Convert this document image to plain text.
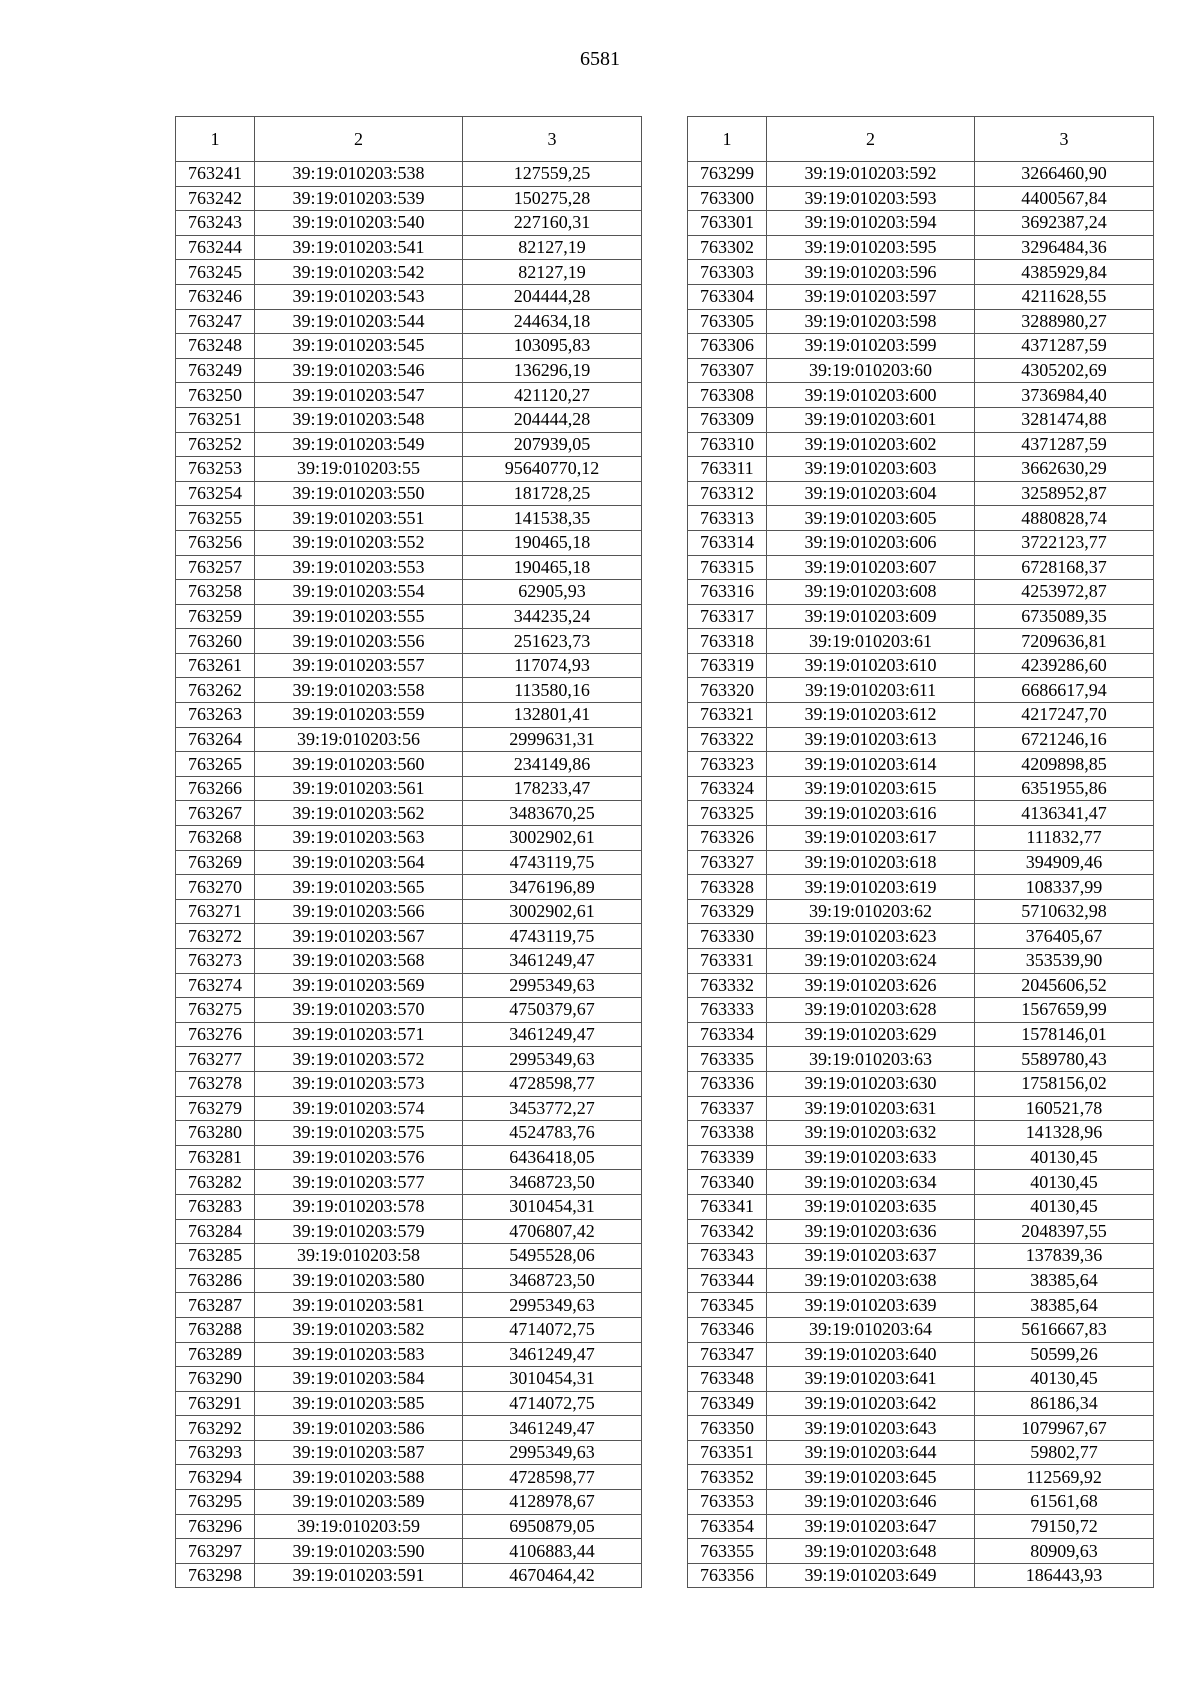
6581
1	2	3
763241	39:19:010203:538	127559,25
763242	39:19:010203:539	150275,28
763243	39:19:010203:540	227160,31
763244	39:19:010203:541	82127,19
763245	39:19:010203:542	82127,19
763246	39:19:010203:543	204444,28
763247	39:19:010203:544	244634,18
763248	39:19:010203:545	103095,83
763249	39:19:010203:546	136296,19
763250	39:19:010203:547	421120,27
763251	39:19:010203:548	204444,28
763252	39:19:010203:549	207939,05
763253	39:19:010203:55	95640770,12
763254	39:19:010203:550	181728,25
763255	39:19:010203:551	141538,35
763256	39:19:010203:552	190465,18
763257	39:19:010203:553	190465,18
763258	39:19:010203:554	62905,93
763259	39:19:010203:555	344235,24
763260	39:19:010203:556	251623,73
763261	39:19:010203:557	117074,93
763262	39:19:010203:558	113580,16
763263	39:19:010203:559	132801,41
763264	39:19:010203:56	2999631,31
763265	39:19:010203:560	234149,86
763266	39:19:010203:561	178233,47
763267	39:19:010203:562	3483670,25
763268	39:19:010203:563	3002902,61
763269	39:19:010203:564	4743119,75
763270	39:19:010203:565	3476196,89
763271	39:19:010203:566	3002902,61
763272	39:19:010203:567	4743119,75
763273	39:19:010203:568	3461249,47
763274	39:19:010203:569	2995349,63
763275	39:19:010203:570	4750379,67
763276	39:19:010203:571	3461249,47
763277	39:19:010203:572	2995349,63
763278	39:19:010203:573	4728598,77
763279	39:19:010203:574	3453772,27
763280	39:19:010203:575	4524783,76
763281	39:19:010203:576	6436418,05
763282	39:19:010203:577	3468723,50
763283	39:19:010203:578	3010454,31
763284	39:19:010203:579	4706807,42
763285	39:19:010203:58	5495528,06
763286	39:19:010203:580	3468723,50
763287	39:19:010203:581	2995349,63
763288	39:19:010203:582	4714072,75
763289	39:19:010203:583	3461249,47
763290	39:19:010203:584	3010454,31
763291	39:19:010203:585	4714072,75
763292	39:19:010203:586	3461249,47
763293	39:19:010203:587	2995349,63
763294	39:19:010203:588	4728598,77
763295	39:19:010203:589	4128978,67
763296	39:19:010203:59	6950879,05
763297	39:19:010203:590	4106883,44
763298	39:19:010203:591	4670464,42
1	2	3
763299	39:19:010203:592	3266460,90
763300	39:19:010203:593	4400567,84
763301	39:19:010203:594	3692387,24
763302	39:19:010203:595	3296484,36
763303	39:19:010203:596	4385929,84
763304	39:19:010203:597	4211628,55
763305	39:19:010203:598	3288980,27
763306	39:19:010203:599	4371287,59
763307	39:19:010203:60	4305202,69
763308	39:19:010203:600	3736984,40
763309	39:19:010203:601	3281474,88
763310	39:19:010203:602	4371287,59
763311	39:19:010203:603	3662630,29
763312	39:19:010203:604	3258952,87
763313	39:19:010203:605	4880828,74
763314	39:19:010203:606	3722123,77
763315	39:19:010203:607	6728168,37
763316	39:19:010203:608	4253972,87
763317	39:19:010203:609	6735089,35
763318	39:19:010203:61	7209636,81
763319	39:19:010203:610	4239286,60
763320	39:19:010203:611	6686617,94
763321	39:19:010203:612	4217247,70
763322	39:19:010203:613	6721246,16
763323	39:19:010203:614	4209898,85
763324	39:19:010203:615	6351955,86
763325	39:19:010203:616	4136341,47
763326	39:19:010203:617	111832,77
763327	39:19:010203:618	394909,46
763328	39:19:010203:619	108337,99
763329	39:19:010203:62	5710632,98
763330	39:19:010203:623	376405,67
763331	39:19:010203:624	353539,90
763332	39:19:010203:626	2045606,52
763333	39:19:010203:628	1567659,99
763334	39:19:010203:629	1578146,01
763335	39:19:010203:63	5589780,43
763336	39:19:010203:630	1758156,02
763337	39:19:010203:631	160521,78
763338	39:19:010203:632	141328,96
763339	39:19:010203:633	40130,45
763340	39:19:010203:634	40130,45
763341	39:19:010203:635	40130,45
763342	39:19:010203:636	2048397,55
763343	39:19:010203:637	137839,36
763344	39:19:010203:638	38385,64
763345	39:19:010203:639	38385,64
763346	39:19:010203:64	5616667,83
763347	39:19:010203:640	50599,26
763348	39:19:010203:641	40130,45
763349	39:19:010203:642	86186,34
763350	39:19:010203:643	1079967,67
763351	39:19:010203:644	59802,77
763352	39:19:010203:645	112569,92
763353	39:19:010203:646	61561,68
763354	39:19:010203:647	79150,72
763355	39:19:010203:648	80909,63
763356	39:19:010203:649	186443,93
